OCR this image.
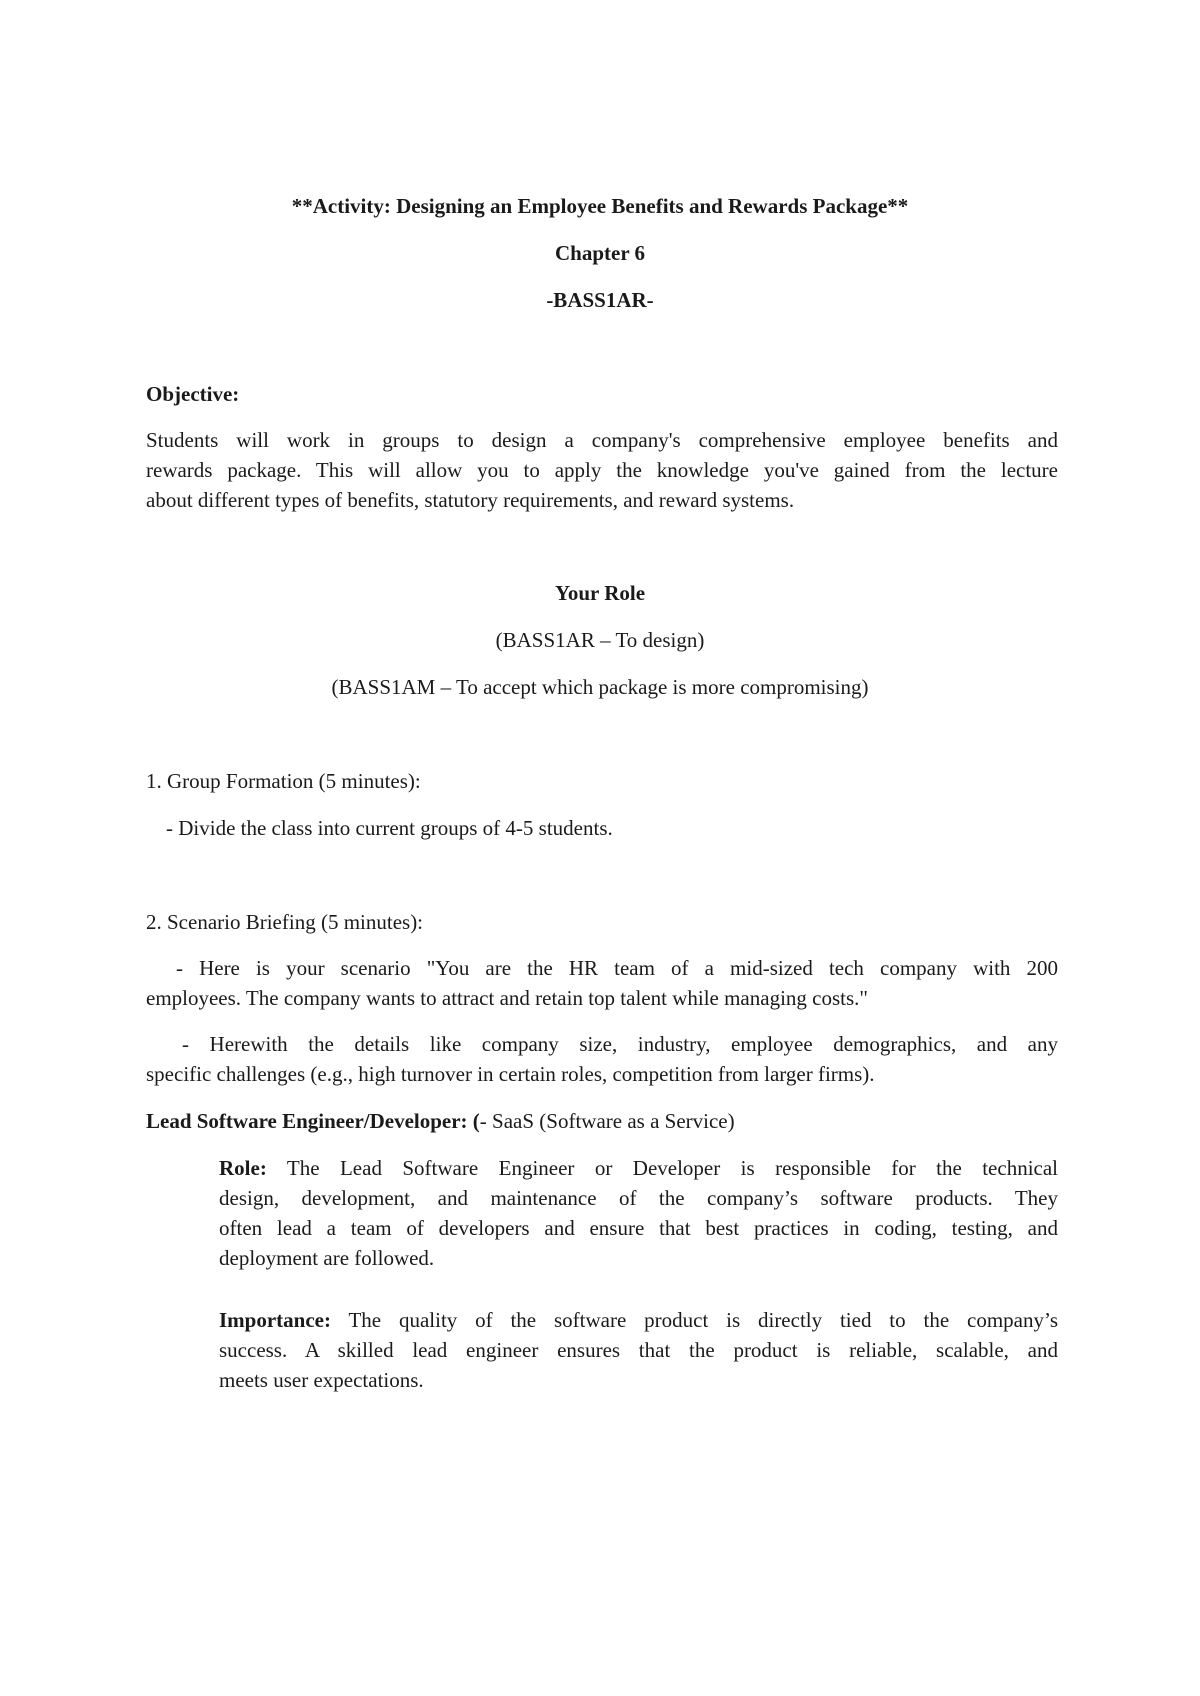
**Activity: Designing an Employee Benefits and Rewards Package**

Chapter 6

-BASS1AR-

Objective:

Students will work in groups to design a company's comprehensive employee benefits and
rewards package. This will allow you to apply the knowledge you've gained from the lecture
about different types of benefits, statutory requirements, and reward systems.

Your Role

(BASS1AR – To design)

(BASS1AM – To accept which package is more compromising)

1. Group Formation (5 minutes):

- Divide the class into current groups of 4-5 students.

2. Scenario Briefing (5 minutes):

- Here is your scenario "You are the HR team of a mid-sized tech company with 200
employees. The company wants to attract and retain top talent while managing costs."
- Herewith the details like company size, industry, employee demographics, and any
specific challenges (e.g., high turnover in certain roles, competition from larger firms).

Lead Software Engineer/Developer: (- SaaS (Software as a Service)

Role: The Lead Software Engineer or Developer is responsible for the technical
design, development, and maintenance of the company’s software products. They
often lead a team of developers and ensure that best practices in coding, testing, and
deployment are followed.
Importance: The quality of the software product is directly tied to the company’s
success. A skilled lead engineer ensures that the product is reliable, scalable, and
meets user expectations.
